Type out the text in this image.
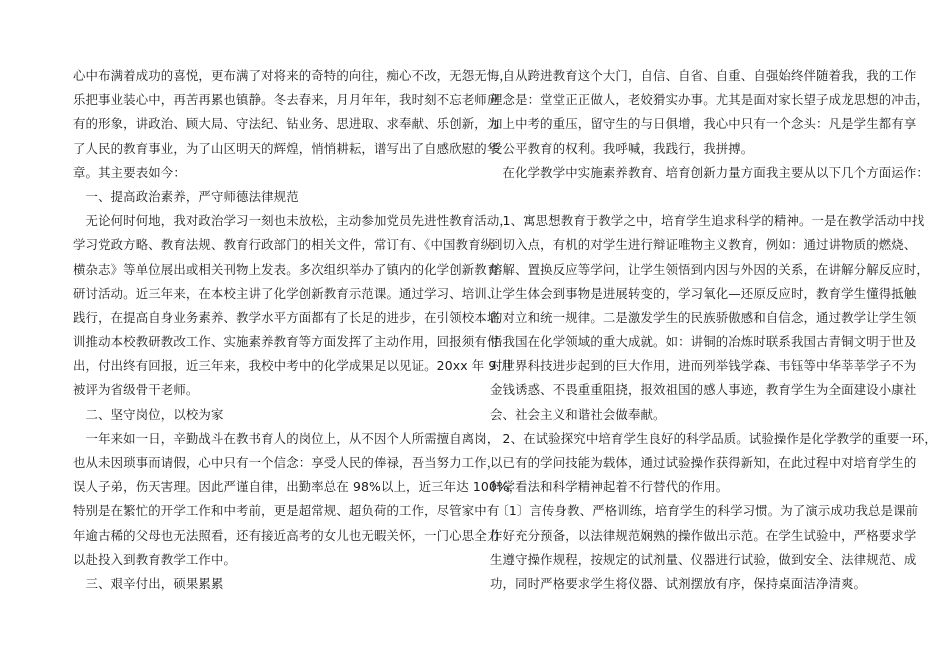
心中布满着成功的喜悦，更布满了对将来的奇特的向往，痴心不改，无怨无悔，
乐把事业装心中，再苦再累也镇静。冬去春来，月月年年，我时刻不忘老师应
有的形象，讲政治、顾大局、守法纪、钻业务、思进取、求奉献、乐创新，为
了人民的教育事业，为了山区明天的辉煌，悄悄耕耘，谱写出了自感欣慰的华
章。其主要表如今：
　一、提高政治素养，严守师德法律规范
　无论何时何地，我对政治学习一刻也未放松，主动参加党员先进性教育活动，
学习党政方略、教育法规、教育行政部门的相关文件，常订有、《中国教育纵
横杂志》等单位展出或相关刊物上发表。多次组织举办了镇内的化学创新教育
研讨活动。近三年来，在本校主讲了化学创新教育示范课。通过学习、培训、
践行，在提高自身业务素养、教学水平方面都有了长足的进步，在引领校本培
训推动本校教研教改工作、实施素养教育等方面发挥了主动作用，回报须有付
出，付出终有回报，近三年来，我校中考中的化学成果足以见证。20xx 年 9 月
被评为省级骨干老师。
　二、坚守岗位，以校为家
　一年来如一日，辛勤战斗在教书育人的岗位上，从不因个人所需擅自离岗，
也从未因琐事而请假，心中只有一个信念：享受人民的俸禄，吾当努力工作，
误人子弟，伤天害理。因此严谨自律，出勤率总在 98%以上，近三年达 100%，
特别是在繁忙的开学工作和中考前，更是超常规、超负荷的工作，尽管家中有
年逾古稀的父母也无法照看，还有接近高考的女儿也无暇关怀，一门心思全力
以赴投入到教育教学工作中。
　三、艰辛付出，硕果累累
　自从跨进教育这个大门，自信、自省、自重、自强始终伴随着我，我的工作
理念是：堂堂正正做人，老姣猾实办事。尤其是面对家长望子成龙思想的冲击，
加上中考的重压，留守生的与日俱增，我心中只有一个念头：凡是学生都有享
受公平教育的权利。我呼喊，我践行，我拼搏。
　在化学教学中实施素养教育、培育创新力量方面我主要从以下几个方面运作：
　1、寓思想教育于教学之中，培育学生追求科学的精神。一是在教学活动中找
到切入点，有机的对学生进行辩证唯物主义教育，例如：通过讲物质的燃烧、
熔解、置换反应等学问，让学生领悟到内因与外因的关系，在讲解分解反应时，
让学生体会到事物是进展转变的，学习氧化—还原反应时，教育学生懂得抵触
的对立和统一规律。二是激发学生的民族骄傲感和自信念，通过教学让学生领
悟我国在化学领域的重大成就。如：讲铜的冶炼时联系我国古青铜文明于世及
对世界科技进步起到的巨大作用，进而列举钱学森、韦钰等中华莘莘学子不为
金钱诱惑、不畏重重阻挠，报效祖国的感人事迹，教育学生为全面建设小康社
会、社会主义和谐社会做奉献。
　2、在试验探究中培育学生良好的科学品质。试验操作是化学教学的重要一环，
以已有的学问技能为载体，通过试验操作获得新知，在此过程中对培育学生的
科学看法和科学精神起着不行替代的作用。
　〔1〕言传身教、严格训练，培育学生的科学习惯。为了演示成功我总是课前
作好充分预备，以法律规范娴熟的操作做出示范。在学生试验中，严格要求学
生遵守操作规程，按规定的试剂量、仪器进行试验，做到安全、法律规范、成
功，同时严格要求学生将仪器、试剂摆放有序，保持桌面洁净清爽。
